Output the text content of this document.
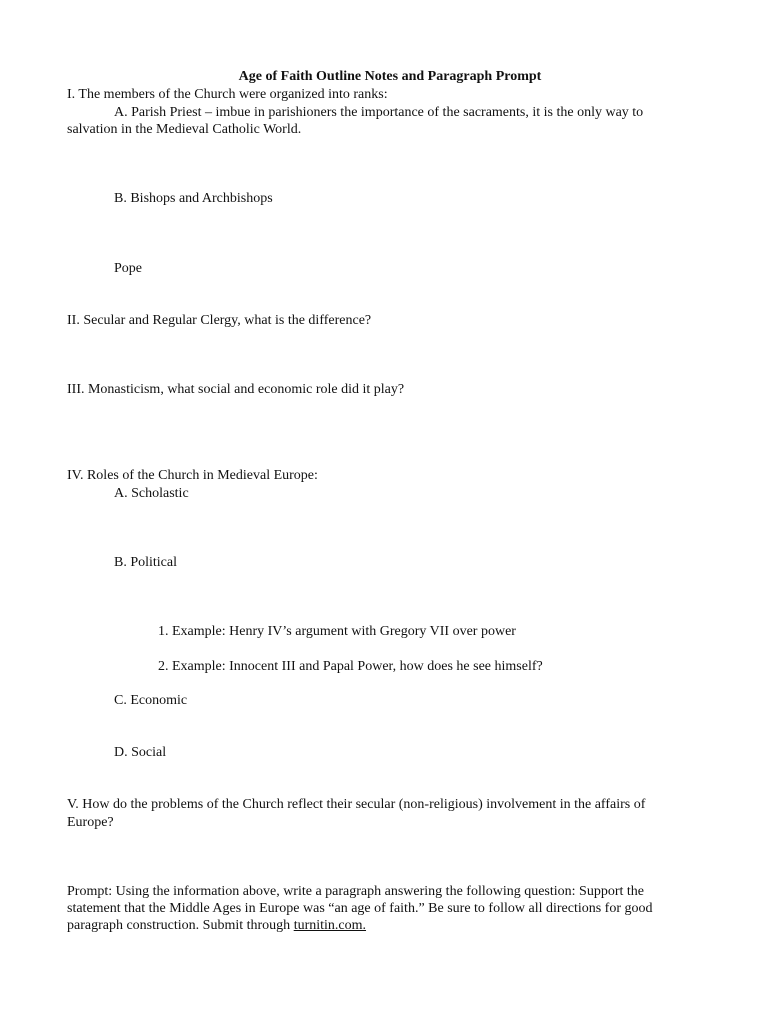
Age of Faith Outline Notes and Paragraph Prompt
I. The members of the Church were organized into ranks:
A. Parish Priest – imbue in parishioners the importance of the sacraments, it is the only way to
salvation in the Medieval Catholic World.
B. Bishops and Archbishops
Pope
II. Secular and Regular Clergy, what is the difference?
III. Monasticism, what social and economic role did it play?
IV. Roles of the Church in Medieval Europe:
A. Scholastic
B. Political
1. Example: Henry IV’s argument with Gregory VII over power
2. Example: Innocent III and Papal Power, how does he see himself?
C. Economic
D. Social
V. How do the problems of the Church reflect their secular (non-religious) involvement in the affairs of
Europe?
Prompt: Using the information above, write a paragraph answering the following question: Support the
statement that the Middle Ages in Europe was “an age of faith.” Be sure to follow all directions for good
paragraph construction. Submit through turnitin.com.
